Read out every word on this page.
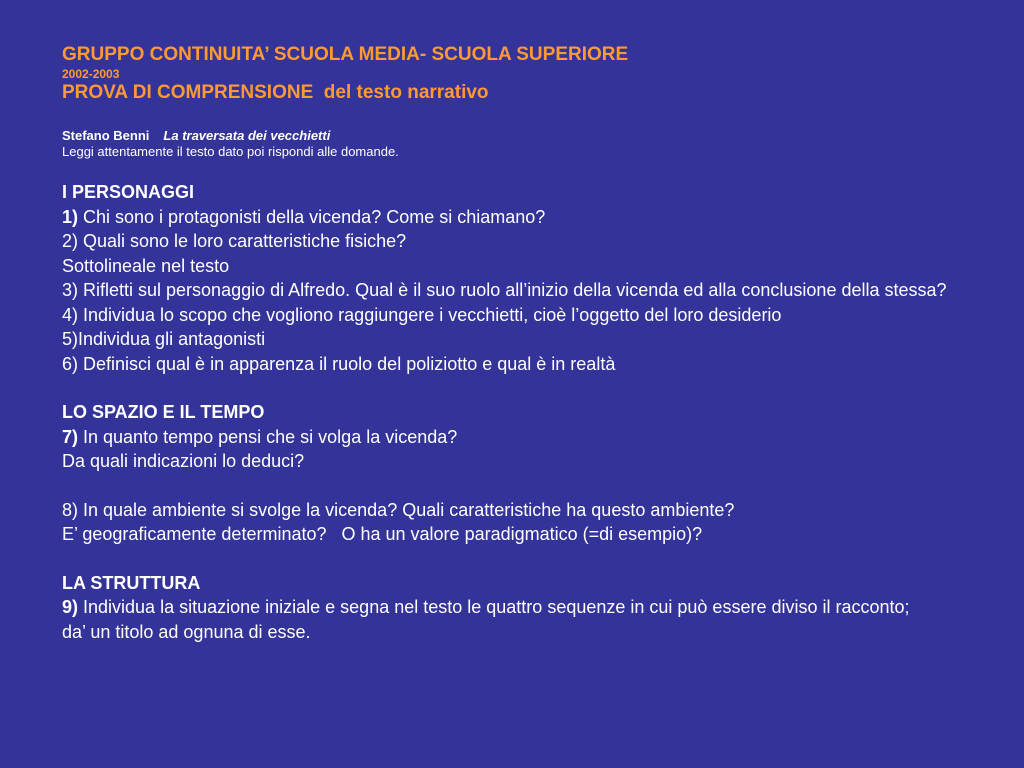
GRUPPO CONTINUITA’ SCUOLA MEDIA- SCUOLA SUPERIORE
2002-2003
PROVA DI COMPRENSIONE  del testo narrativo
Stefano Benni La traversata dei vecchietti
Leggi attentamente il testo dato poi rispondi alle domande.
I PERSONAGGI
1) Chi sono i protagonisti della vicenda? Come si chiamano?
2) Quali sono le loro caratteristiche fisiche?
Sottolineale nel testo
3) Rifletti sul personaggio di Alfredo. Qual è il suo ruolo all’inizio della vicenda ed alla conclusione della stessa?
4) Individua lo scopo che vogliono raggiungere i vecchietti, cioè l’oggetto del loro desiderio
5)Individua gli antagonisti
6) Definisci qual è in apparenza il ruolo del poliziotto e qual è in realtà
LO SPAZIO E IL TEMPO
7) In quanto tempo pensi che si volga la vicenda?
Da quali indicazioni lo deduci?
8) In quale ambiente si svolge la vicenda? Quali caratteristiche ha questo ambiente?
E’ geograficamente determinato?   O ha un valore paradigmatico (=di esempio)?
LA STRUTTURA
9) Individua la situazione iniziale e segna nel testo le quattro sequenze in cui può essere diviso il racconto;
da’ un titolo ad ognuna di esse.
